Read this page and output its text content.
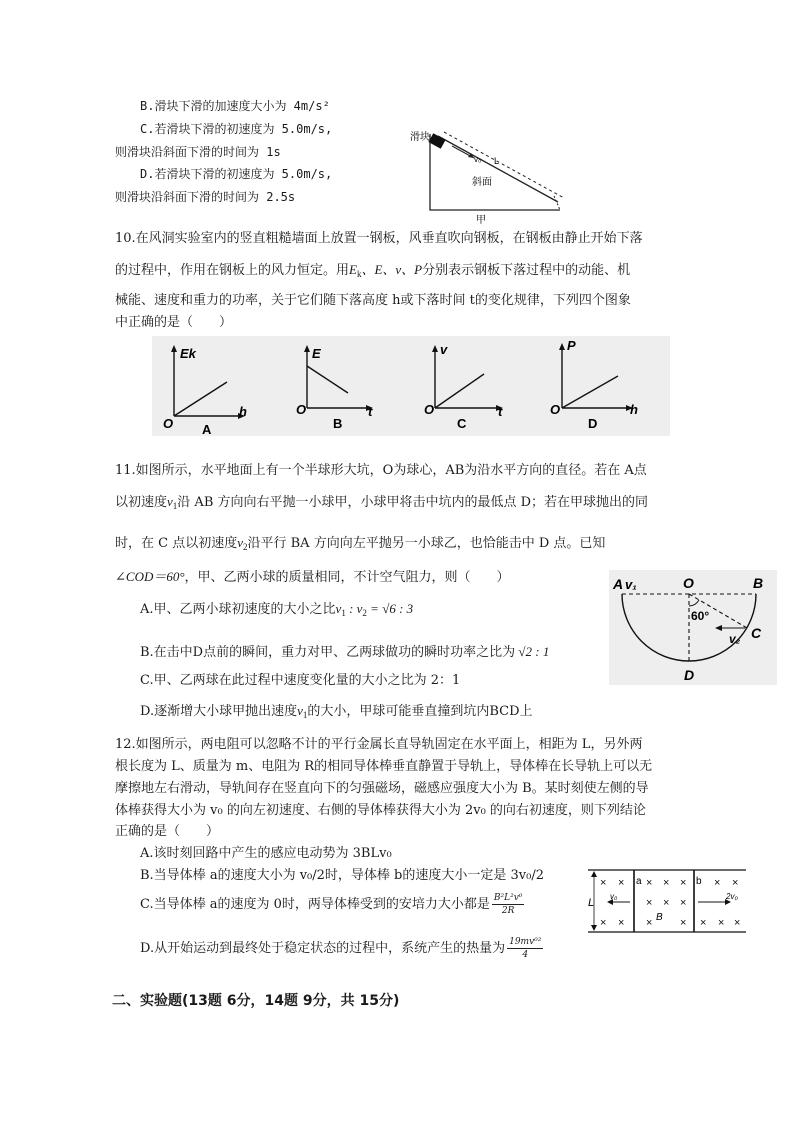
B.滑块下滑的加速度大小为 4m/s²
C.若滑块下滑的初速度为 5.0m/s,
则滑块沿斜面下滑的时间为 1s
D.若滑块下滑的初速度为 5.0m/s,
则滑块沿斜面下滑的时间为 2.5s
滑块
v₀ L
斜面
甲
10.在风洞实验室内的竖直粗糙墙面上放置一钢板，风垂直吹向钢板，在钢板由静止开始下落
的过程中，作用在钢板上的风力恒定。用$E_k$、E、v、P分别表示钢板下落过程中的动能、机
械能、速度和重力的功率，关于它们随下落高度 h或下落时间 t的变化规律，下列四个图象
中正确的是（　　）
Ek
h
O A
E
t
O
B
v
t
O
C
P
h
O
D
11.如图所示，水平地面上有一个半球形大坑，O为球心，AB为沿水平方向的直径。若在 A点
以初速度$v_1$沿 AB 方向向右平抛一小球甲，小球甲将击中坑内的最低点 D；若在甲球抛出的同
时，在 C 点以初速度$v_2$沿平行 BA 方向向左平抛另一小球乙，也恰能击中 D 点。已知
∠COD＝60°，甲、乙两小球的质量相同，不计空气阻力，则（　　）
A.甲、乙两小球初速度的大小之比$v_1$ : $v_2 = √6$ : 3
B.在击中D点前的瞬间，重力对甲、乙两球做功的瞬时功率之比为 √2 : 1
C.甲、乙两球在此过程中速度变化量的大小之比为 2：1
D.逐渐增大小球甲抛出速度$v_1$的大小，甲球可能垂直撞到坑内BCD上
A v₁	O	B
60°
v₂ C
D
12.如图所示，两电阻可以忽略不计的平行金属长直导轨固定在水平面上，相距为 L，另外两
根长度为 L、质量为 m、电阻为 R的相同导体棒垂直静置于导轨上，导体棒在长导轨上可以无
摩擦地左右滑动，导轨间存在竖直向下的匀强磁场，磁感应强度大小为 B。某时刻使左侧的导
体棒获得大小为 v₀ 的向左初速度、右侧的导体棒获得大小为 2v₀ 的向右初速度，则下列结论
正确的是（　　）
A.该时刻回路中产生的感应电动势为 3BLv₀
B.当导体棒 a的速度大小为 v₀/2时，导体棒 b的速度大小一定是 3v₀/2
C.当导体棒 a的速度为 0时，两导体棒受到的安培力大小都是 $\frac{\text{B²L²v⁰}}{2R}$
D.从开始运动到最终处于稳定状态的过程中，系统产生的热量为 $\frac{\text{19mv⁰²}}{4}$
× × × × ×	× ×
× × ×
× × ×	× × × ×
L
a	b
v₀
B
2v₀
二、实验题(13题 6分，14题 9分，共 15分)
